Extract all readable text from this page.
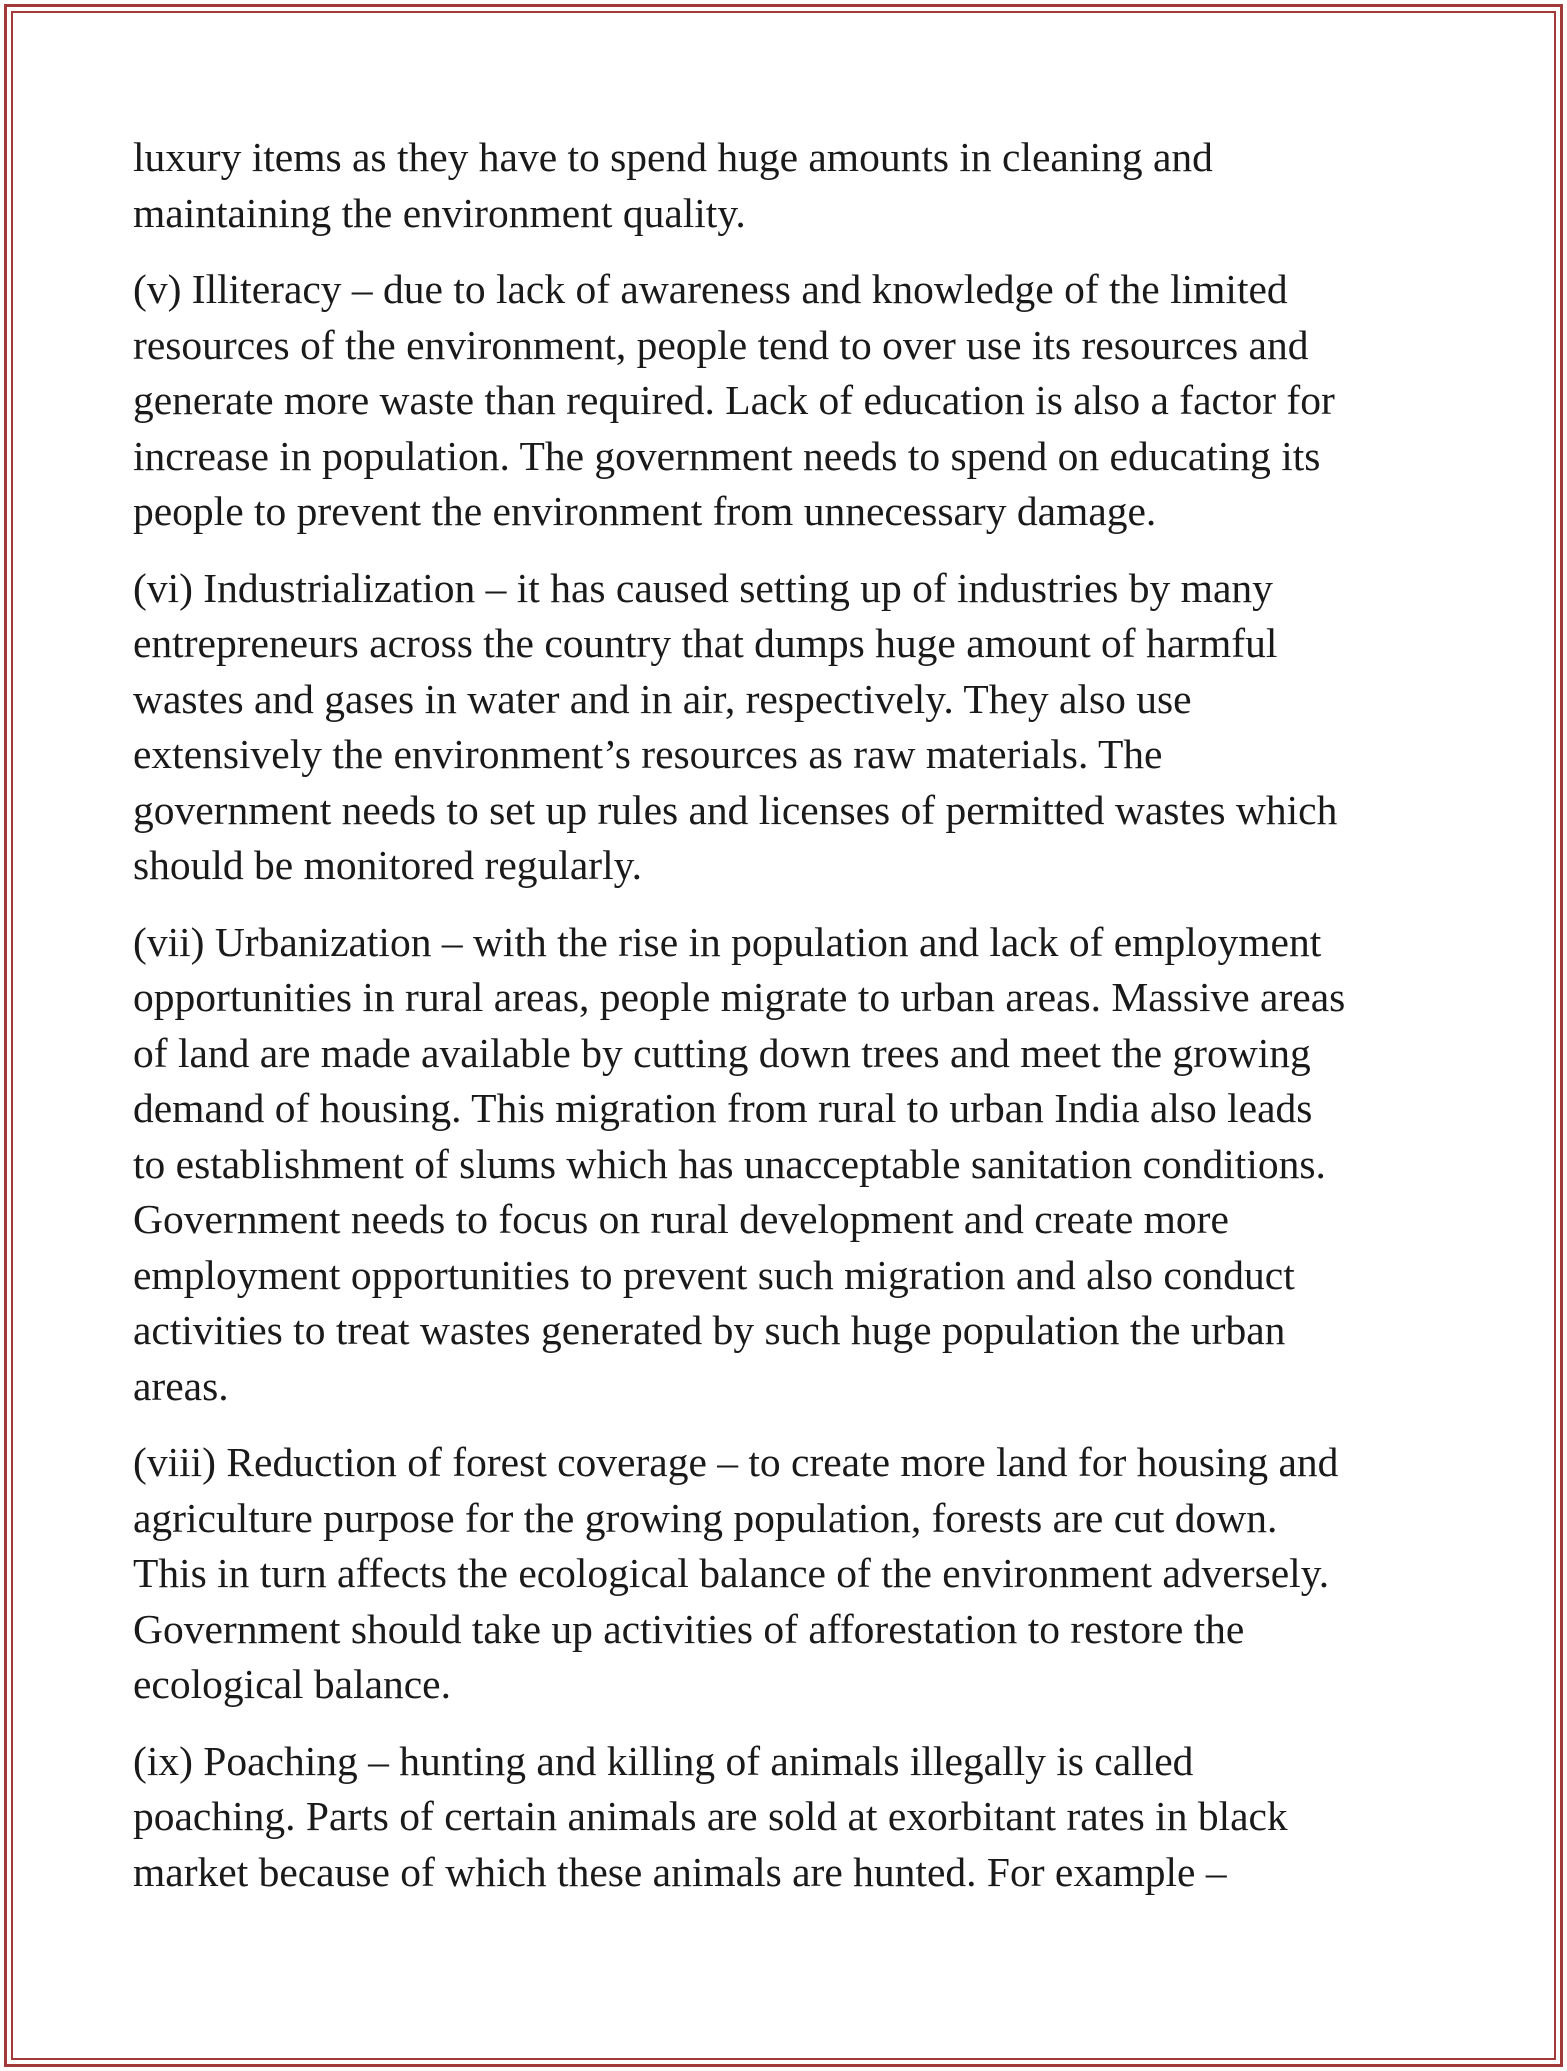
luxury items as they have to spend huge amounts in cleaning and
maintaining the environment quality.

(v) Illiteracy – due to lack of awareness and knowledge of the limited
resources of the environment, people tend to over use its resources and
generate more waste than required. Lack of education is also a factor for
increase in population. The government needs to spend on educating its
people to prevent the environment from unnecessary damage.

(vi) Industrialization – it has caused setting up of industries by many
entrepreneurs across the country that dumps huge amount of harmful
wastes and gases in water and in air, respectively. They also use
extensively the environment’s resources as raw materials. The
government needs to set up rules and licenses of permitted wastes which
should be monitored regularly.

(vii) Urbanization – with the rise in population and lack of employment
opportunities in rural areas, people migrate to urban areas. Massive areas
of land are made available by cutting down trees and meet the growing
demand of housing. This migration from rural to urban India also leads
to establishment of slums which has unacceptable sanitation conditions.
Government needs to focus on rural development and create more
employment opportunities to prevent such migration and also conduct
activities to treat wastes generated by such huge population the urban
areas.

(viii) Reduction of forest coverage – to create more land for housing and
agriculture purpose for the growing population, forests are cut down.
This in turn affects the ecological balance of the environment adversely.
Government should take up activities of afforestation to restore the
ecological balance.

(ix) Poaching – hunting and killing of animals illegally is called
poaching. Parts of certain animals are sold at exorbitant rates in black
market because of which these animals are hunted. For example –
